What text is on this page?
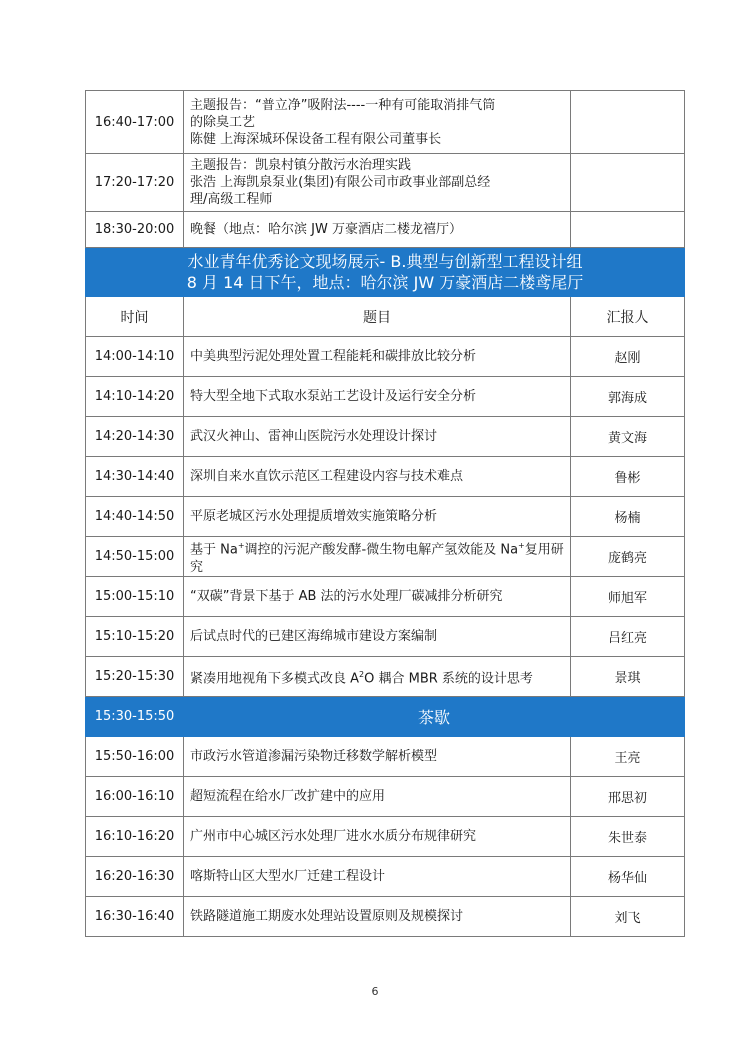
16:40-17:00	主题报告：“普立净”吸附法----一种有可能取消排气筒
的除臭工艺
陈健 上海深城环保设备工程有限公司董事长	

17:20-17:20	主题报告：凯泉村镇分散污水治理实践
张浩 上海凯泉泵业(集团)有限公司市政事业部副总经
理/高级工程师	

18:30-20:00	晚餐（地点：哈尔滨 JW 万豪酒店二楼龙禧厅）	

水业青年优秀论文现场展示- B.典型与创新型工程设计组
8 月 14 日下午，地点：哈尔滨 JW 万豪酒店二楼鸢尾厅		

时间	题目	汇报人
14:00-14:10	中美典型污泥处理处置工程能耗和碳排放比较分析	赵刚
14:10-14:20	特大型全地下式取水泵站工艺设计及运行安全分析	郭海成
14:20-14:30	武汉火神山、雷神山医院污水处理设计探讨	黄文海
14:30-14:40	深圳自来水直饮示范区工程建设内容与技术难点	鲁彬
14:40-14:50	平原老城区污水处理提质增效实施策略分析	杨楠
14:50-15:00	基于 Na+调控的污泥产酸发酵-微生物电解产氢效能及 Na+复用研究	庞鹤亮
15:00-15:10	“双碳”背景下基于 AB 法的污水处理厂碳减排分析研究	师旭军
15:10-15:20	后试点时代的已建区海绵城市建设方案编制	吕红亮
15:20-15:30	紧凑用地视角下多模式改良 $A^2O$ 耦合 MBR 系统的设计思考	景琪
15:30-15:50	茶歇	
15:50-16:00	市政污水管道渗漏污染物迁移数学解析模型	王亮
16:00-16:10	超短流程在给水厂改扩建中的应用	邢思初
16:10-16:20	广州市中心城区污水处理厂进水水质分布规律研究	朱世泰
16:20-16:30	喀斯特山区大型水厂迁建工程设计	杨华仙
16:30-16:40	铁路隧道施工期废水处理站设置原则及规模探讨	刘飞
6
